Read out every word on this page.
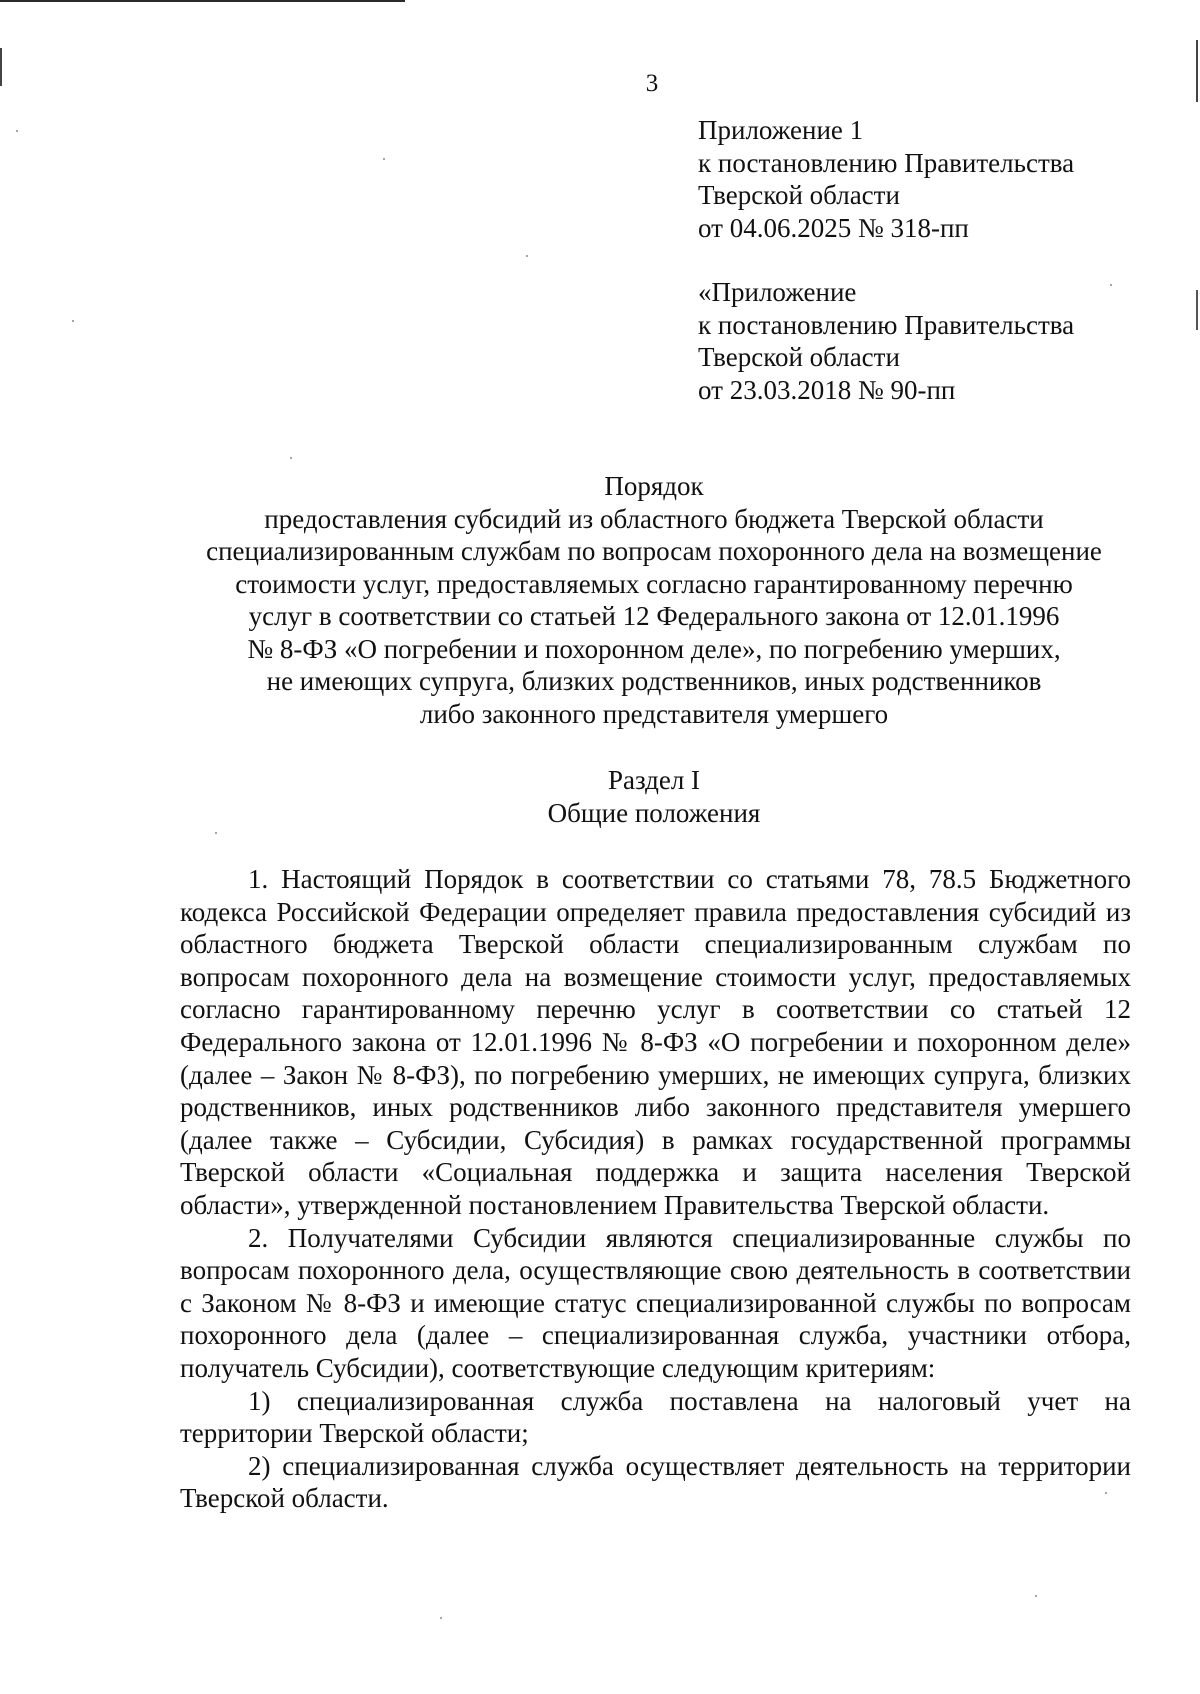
3
Приложение 1
к постановлению Правительства
Тверской области
от 04.06.2025 № 318-пп
«Приложение
к постановлению Правительства
Тверской области
от 23.03.2018 № 90-пп
Порядок
предоставления субсидий из областного бюджета Тверской области
специализированным службам по вопросам похоронного дела на возмещение
стоимости услуг, предоставляемых согласно гарантированному перечню
услуг в соответствии со статьей 12 Федерального закона от 12.01.1996
№ 8-ФЗ «О погребении и похоронном деле», по погребению умерших,
не имеющих супруга, близких родственников, иных родственников
либо законного представителя умершего
Раздел I
Общие положения

1. Настоящий Порядок в соответствии со статьями 78, 78.5 Бюджетного кодекса Российской Федерации определяет правила предоставления субсидий из областного бюджета Тверской области специализированным службам по вопросам похоронного дела на возмещение стоимости услуг, предоставляемых согласно гарантированному перечню услуг в соответствии со статьей 12 Федерального закона от 12.01.1996 № 8-ФЗ «О погребении и похоронном деле» (далее – Закон № 8-ФЗ), по погребению умерших, не имеющих супруга, близких родственников, иных родственников либо законного представителя умершего (далее также – Субсидии, Субсидия) в рамках государственной программы Тверской области «Социальная поддержка и защита населения Тверской области», утвержденной постановлением Правительства Тверской области.

2. Получателями Субсидии являются специализированные службы по вопросам похоронного дела, осуществляющие свою деятельность в соответствии с Законом № 8-ФЗ и имеющие статус специализированной службы по вопросам похоронного дела (далее – специализированная служба, участники отбора, получатель Субсидии), соответствующие следующим критериям:

1) специализированная служба поставлена на налоговый учет на территории Тверской области;

2) специализированная служба осуществляет деятельность на территории Тверской области.
